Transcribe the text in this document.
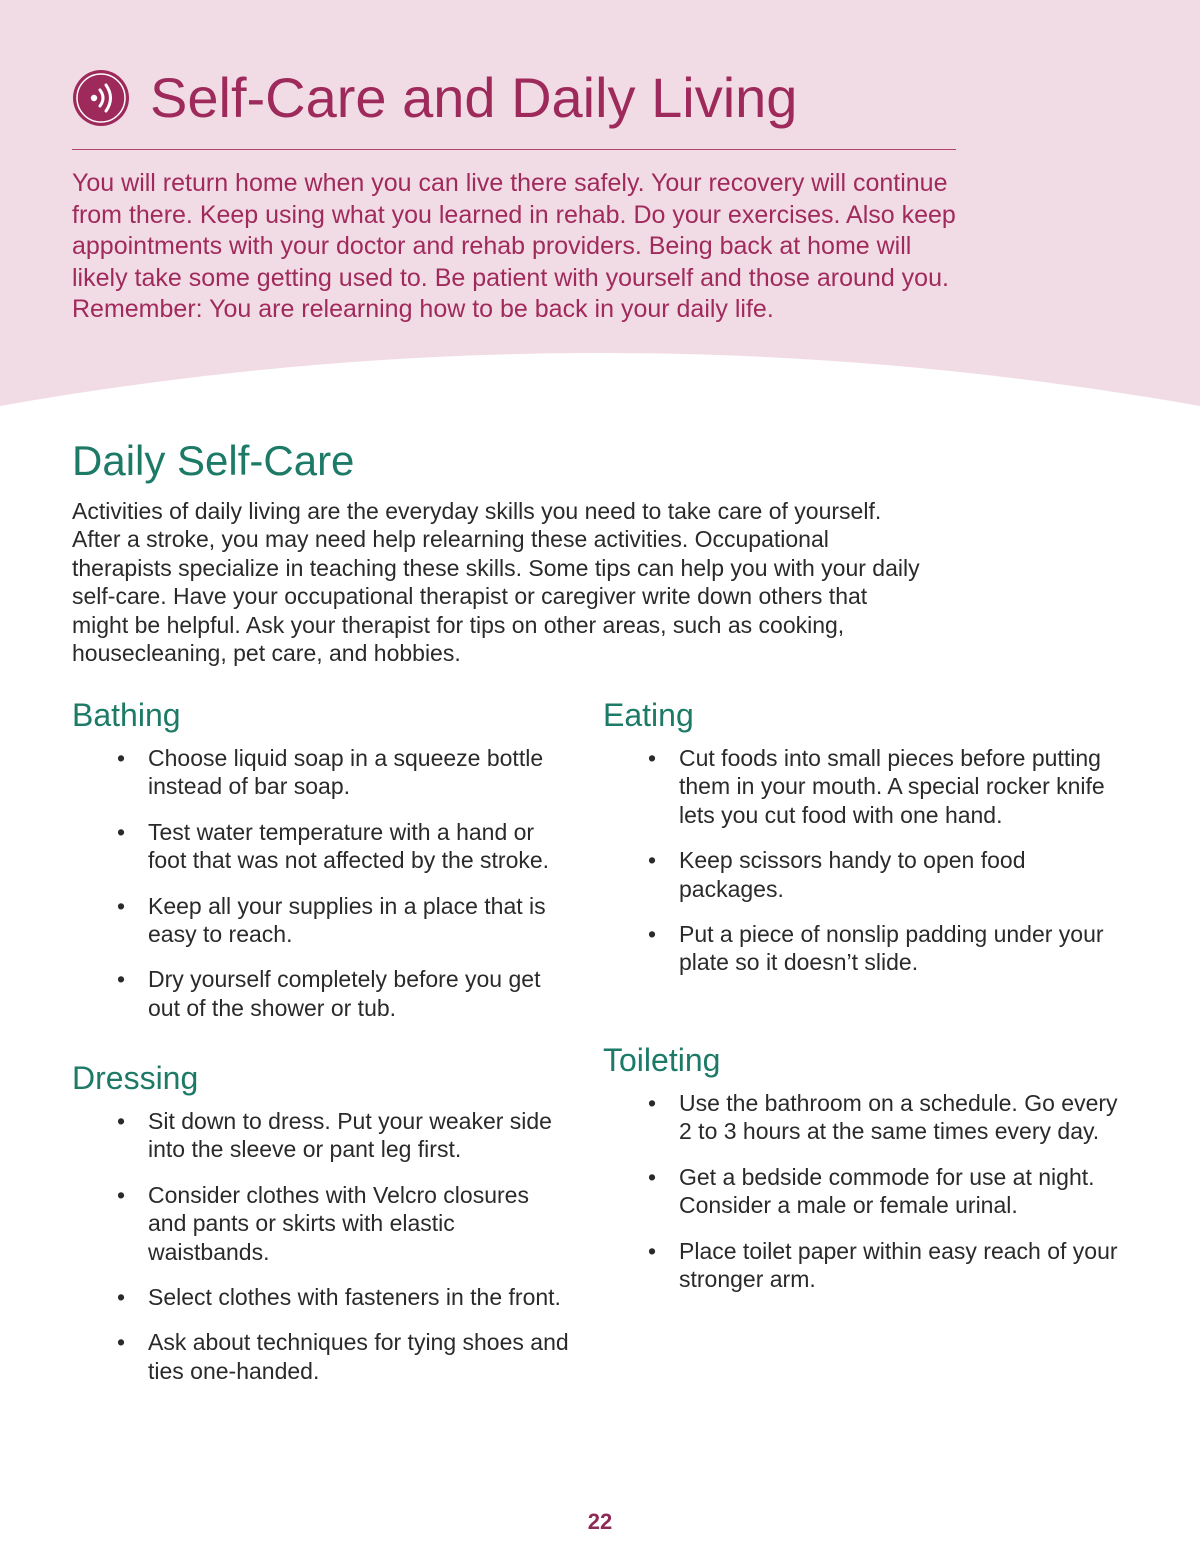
Self-Care and Daily Living

You will return home when you can live there safely. Your recovery will continue from there. Keep using what you learned in rehab. Do your exercises. Also keep appointments with your doctor and rehab providers. Being back at home will likely take some getting used to. Be patient with yourself and those around you. Remember: You are relearning how to be back in your daily life.

Daily Self-Care

Activities of daily living are the everyday skills you need to take care of yourself. After a stroke, you may need help relearning these activities. Occupational therapists specialize in teaching these skills. Some tips can help you with your daily self-care. Have your occupational therapist or caregiver write down others that might be helpful. Ask your therapist for tips on other areas, such as cooking, housecleaning, pet care, and hobbies.

Bathing
• Choose liquid soap in a squeeze bottle instead of bar soap.
• Test water temperature with a hand or foot that was not affected by the stroke.
• Keep all your supplies in a place that is easy to reach.
• Dry yourself completely before you get out of the shower or tub.
Dressing
• Sit down to dress. Put your weaker side into the sleeve or pant leg first.
• Consider clothes with Velcro closures and pants or skirts with elastic waistbands.
• Select clothes with fasteners in the front.
• Ask about techniques for tying shoes and ties one-handed.
Eating
• Cut foods into small pieces before putting them in your mouth. A special rocker knife lets you cut food with one hand.
• Keep scissors handy to open food packages.
• Put a piece of nonslip padding under your plate so it doesn’t slide.
Toileting
• Use the bathroom on a schedule. Go every 2 to 3 hours at the same times every day.
• Get a bedside commode for use at night. Consider a male or female urinal.
• Place toilet paper within easy reach of your stronger arm.
22
